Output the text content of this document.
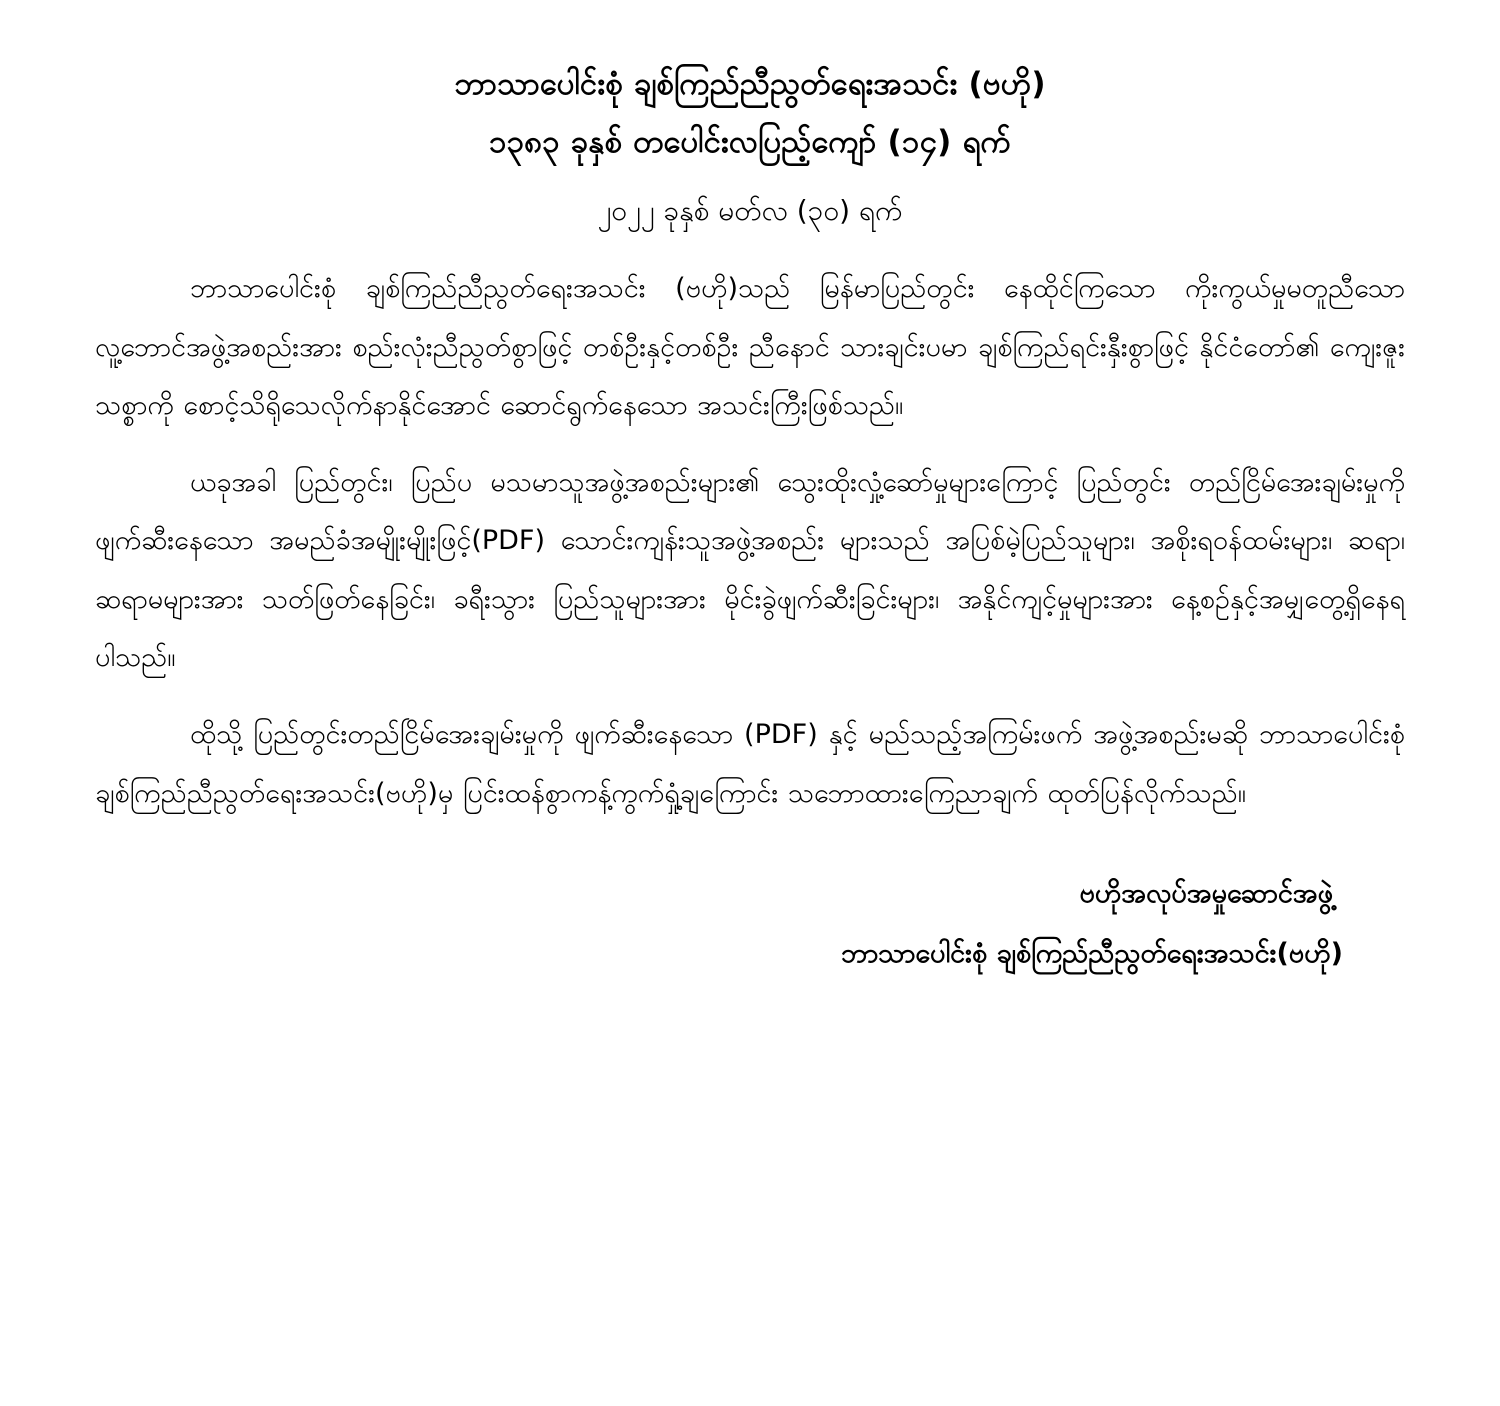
ဘာသာပေါင်းစုံ ချစ်ကြည်ညီညွတ်ရေးအသင်း (ဗဟို)
၁၃၈၃ ခုနှစ် တပေါင်းလပြည့်ကျော် (၁၄) ရက်
၂၀၂၂ ခုနှစ် မတ်လ (၃၀) ရက်
ဘာသာပေါင်းစုံ ချစ်ကြည်ညီညွတ်ရေးအသင်း (ဗဟို)သည် မြန်မာပြည်တွင်း နေထိုင်ကြသော ကိုးကွယ်မှုမတူညီသော လူ့ဘောင်အဖွဲ့အစည်းအား စည်းလုံးညီညွတ်စွာဖြင့် တစ်ဦးနှင့်တစ်ဦး ညီနောင် သားချင်းပမာ ချစ်ကြည်ရင်းနှီးစွာဖြင့် နိုင်ငံတော်၏ ကျေးဇူးသစ္စာကို စောင့်သိရိုသေလိုက်နာနိုင်အောင် ဆောင်ရွက်နေသော အသင်းကြီးဖြစ်သည်။
ယခုအခါ ပြည်တွင်း၊ ပြည်ပ မသမာသူအဖွဲ့အစည်းများ၏ သွေးထိုးလှုံ့ဆော်မှုများကြောင့် ပြည်တွင်း တည်ငြိမ်အေးချမ်းမှုကို ဖျက်ဆီးနေသော အမည်ခံအမျိုးမျိုးဖြင့်(PDF) သောင်းကျန်းသူအဖွဲ့အစည်း များသည် အပြစ်မဲ့ပြည်သူများ၊ အစိုးရဝန်ထမ်းများ၊ ဆရာ၊ ဆရာမများအား သတ်ဖြတ်နေခြင်း၊ ခရီးသွား ပြည်သူများအား မိုင်းခွဲဖျက်ဆီးခြင်းများ၊ အနိုင်ကျင့်မှုများအား နေ့စဉ်နှင့်အမျှတွေ့ရှိနေရပါသည်။
ထိုသို့ ပြည်တွင်းတည်ငြိမ်အေးချမ်းမှုကို ဖျက်ဆီးနေသော (PDF) နှင့် မည်သည့်အကြမ်းဖက် အဖွဲ့အစည်းမဆို ဘာသာပေါင်းစုံချစ်ကြည်ညီညွတ်ရေးအသင်း(ဗဟို)မှ ပြင်းထန်စွာကန့်ကွက်ရှုံ့ချကြောင်း သဘောထားကြေညာချက် ထုတ်ပြန်လိုက်သည်။
ဗဟိုအလုပ်အမှုဆောင်အဖွဲ့
ဘာသာပေါင်းစုံ ချစ်ကြည်ညီညွတ်ရေးအသင်း(ဗဟို)
